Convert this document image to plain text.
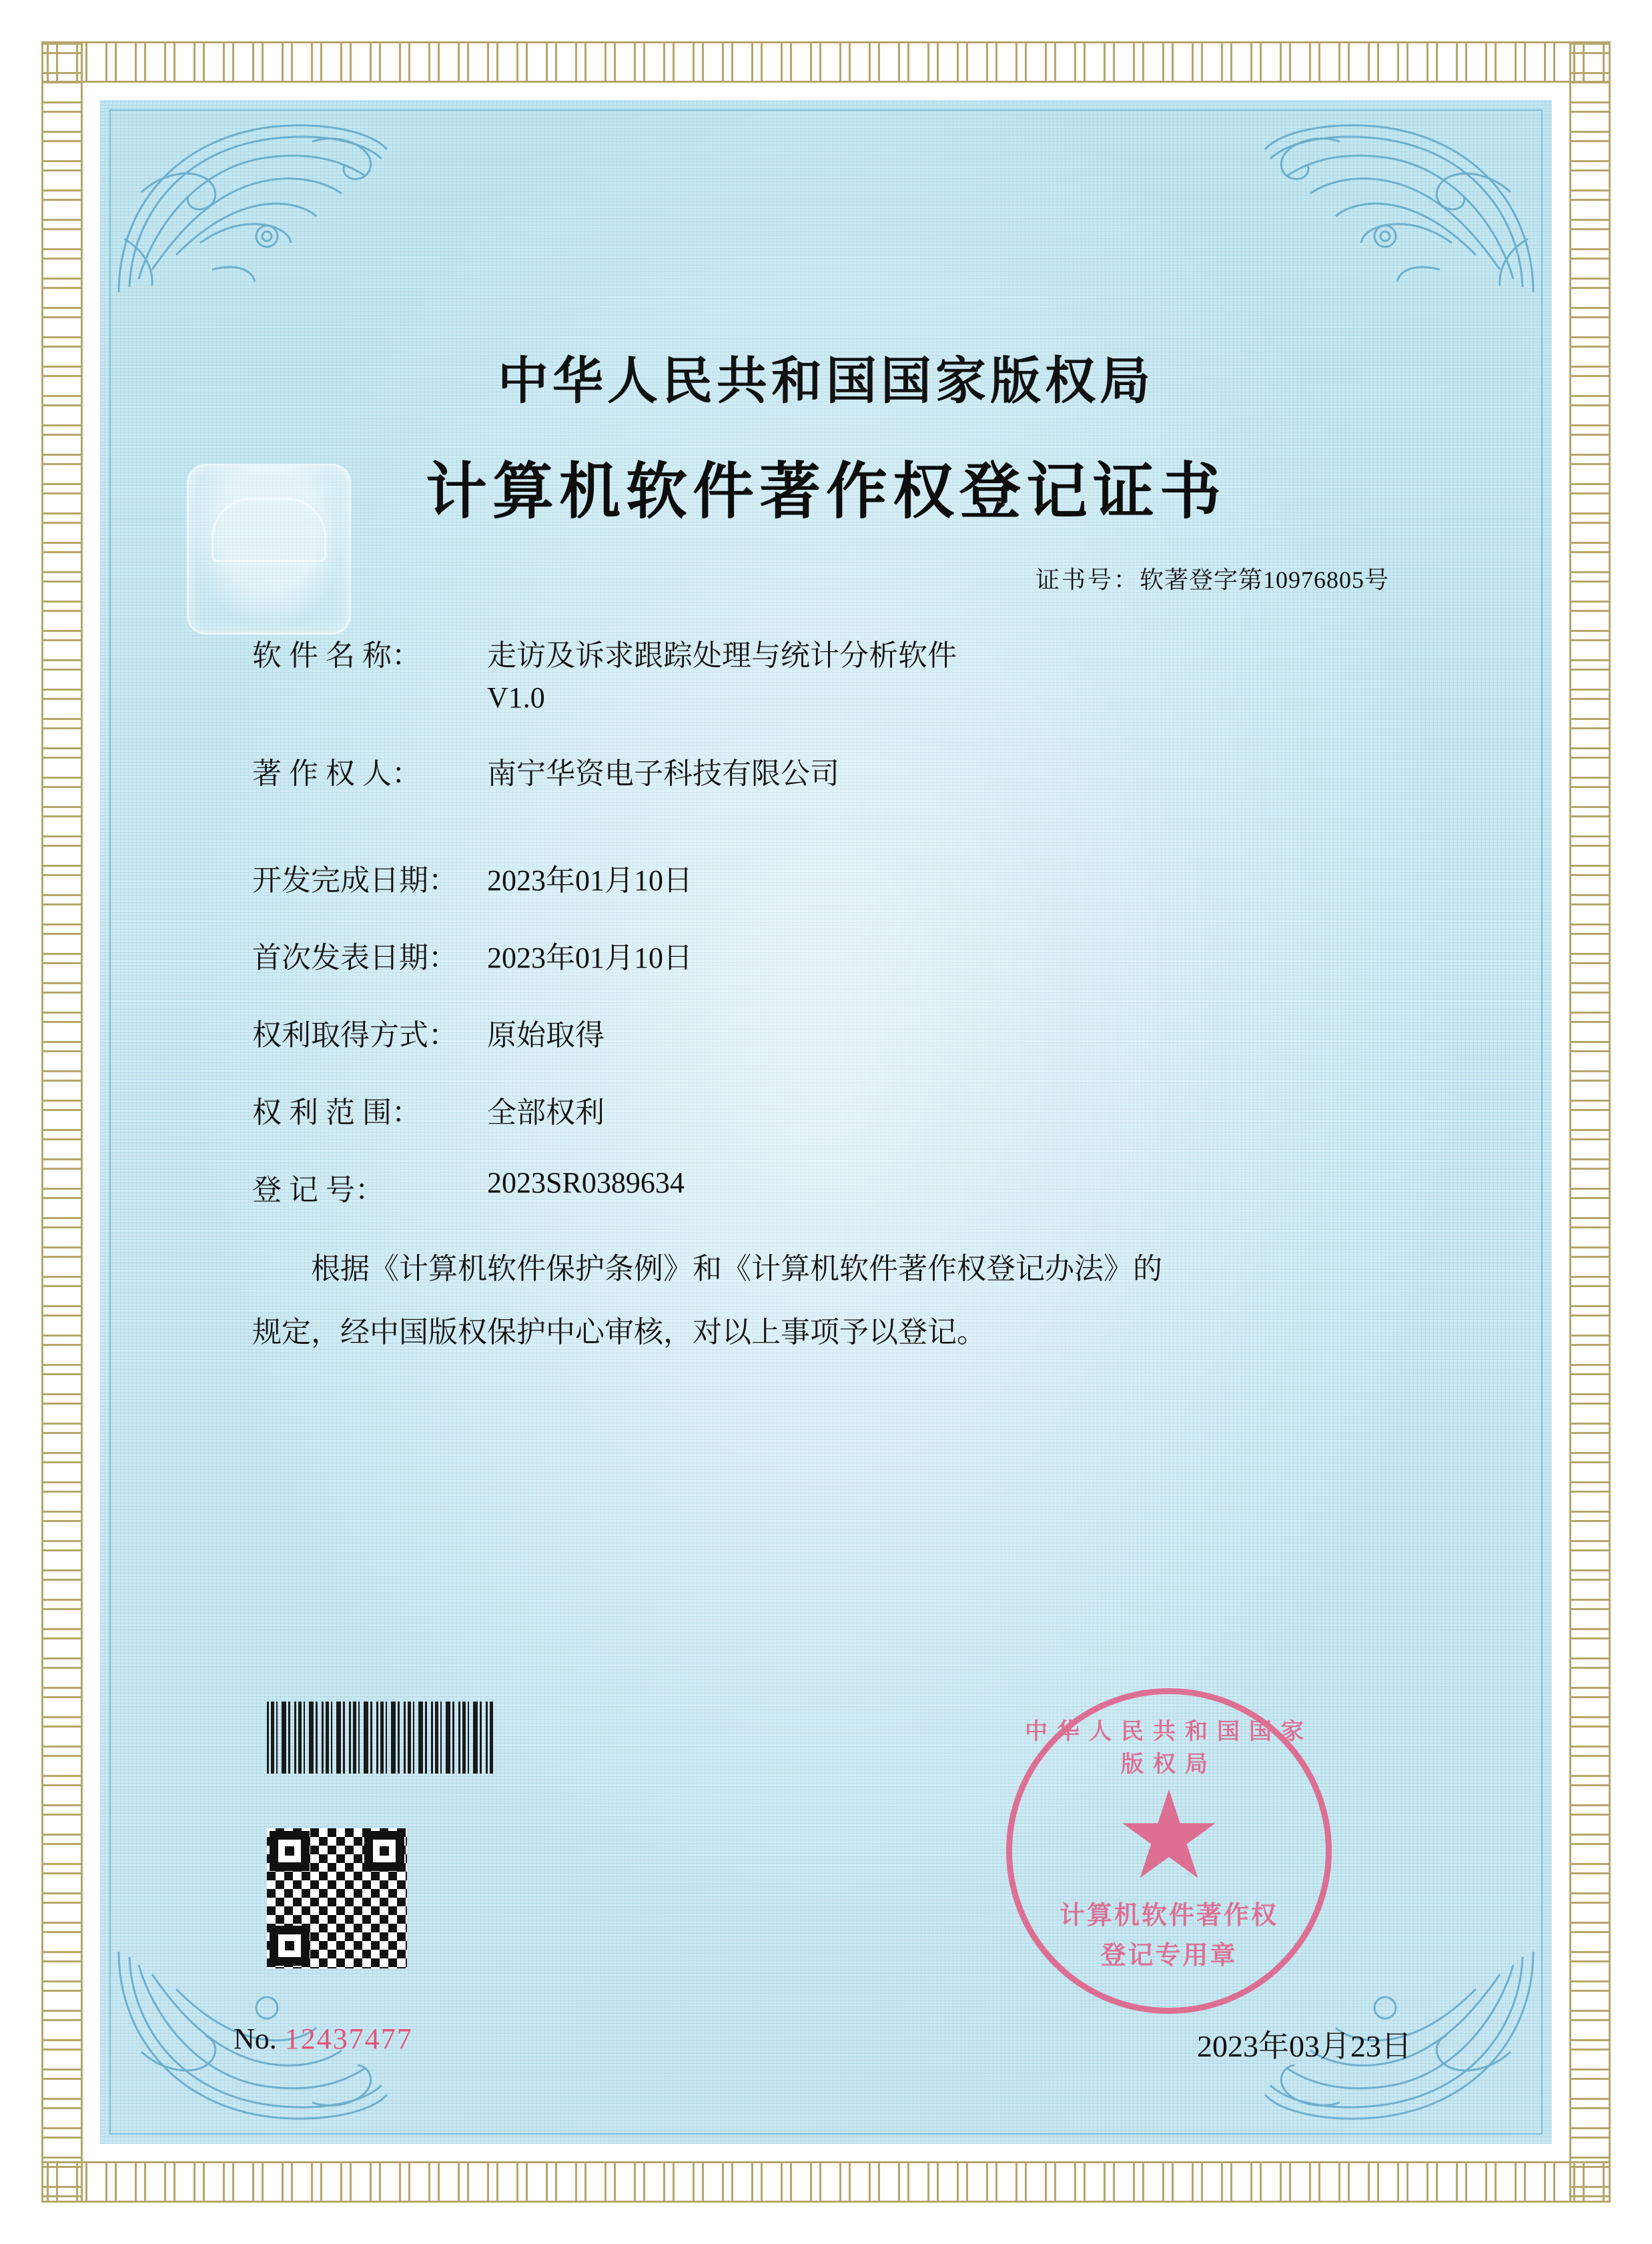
中华人民共和国国家版权局
计算机软件著作权登记证书
证书号：软著登字第10976805号
软 件 名 称：	走访及诉求跟踪处理与统计分析软件
V1.0
著 作 权 人：	南宁华资电子科技有限公司
开发完成日期：	2023年01月10日
首次发表日期：	2023年01月10日
权利取得方式：	原始取得
权 利 范 围：	全部权利
登 记 号：	2023SR0389634

根据《计算机软件保护条例》和《计算机软件著作权登记办法》的

规定，经中国版权保护中心审核，对以上事项予以登记。

中华人民共和国国家版权局
★
计算机软件著作权
登记专用章
No. 12437477	2023年03月23日
